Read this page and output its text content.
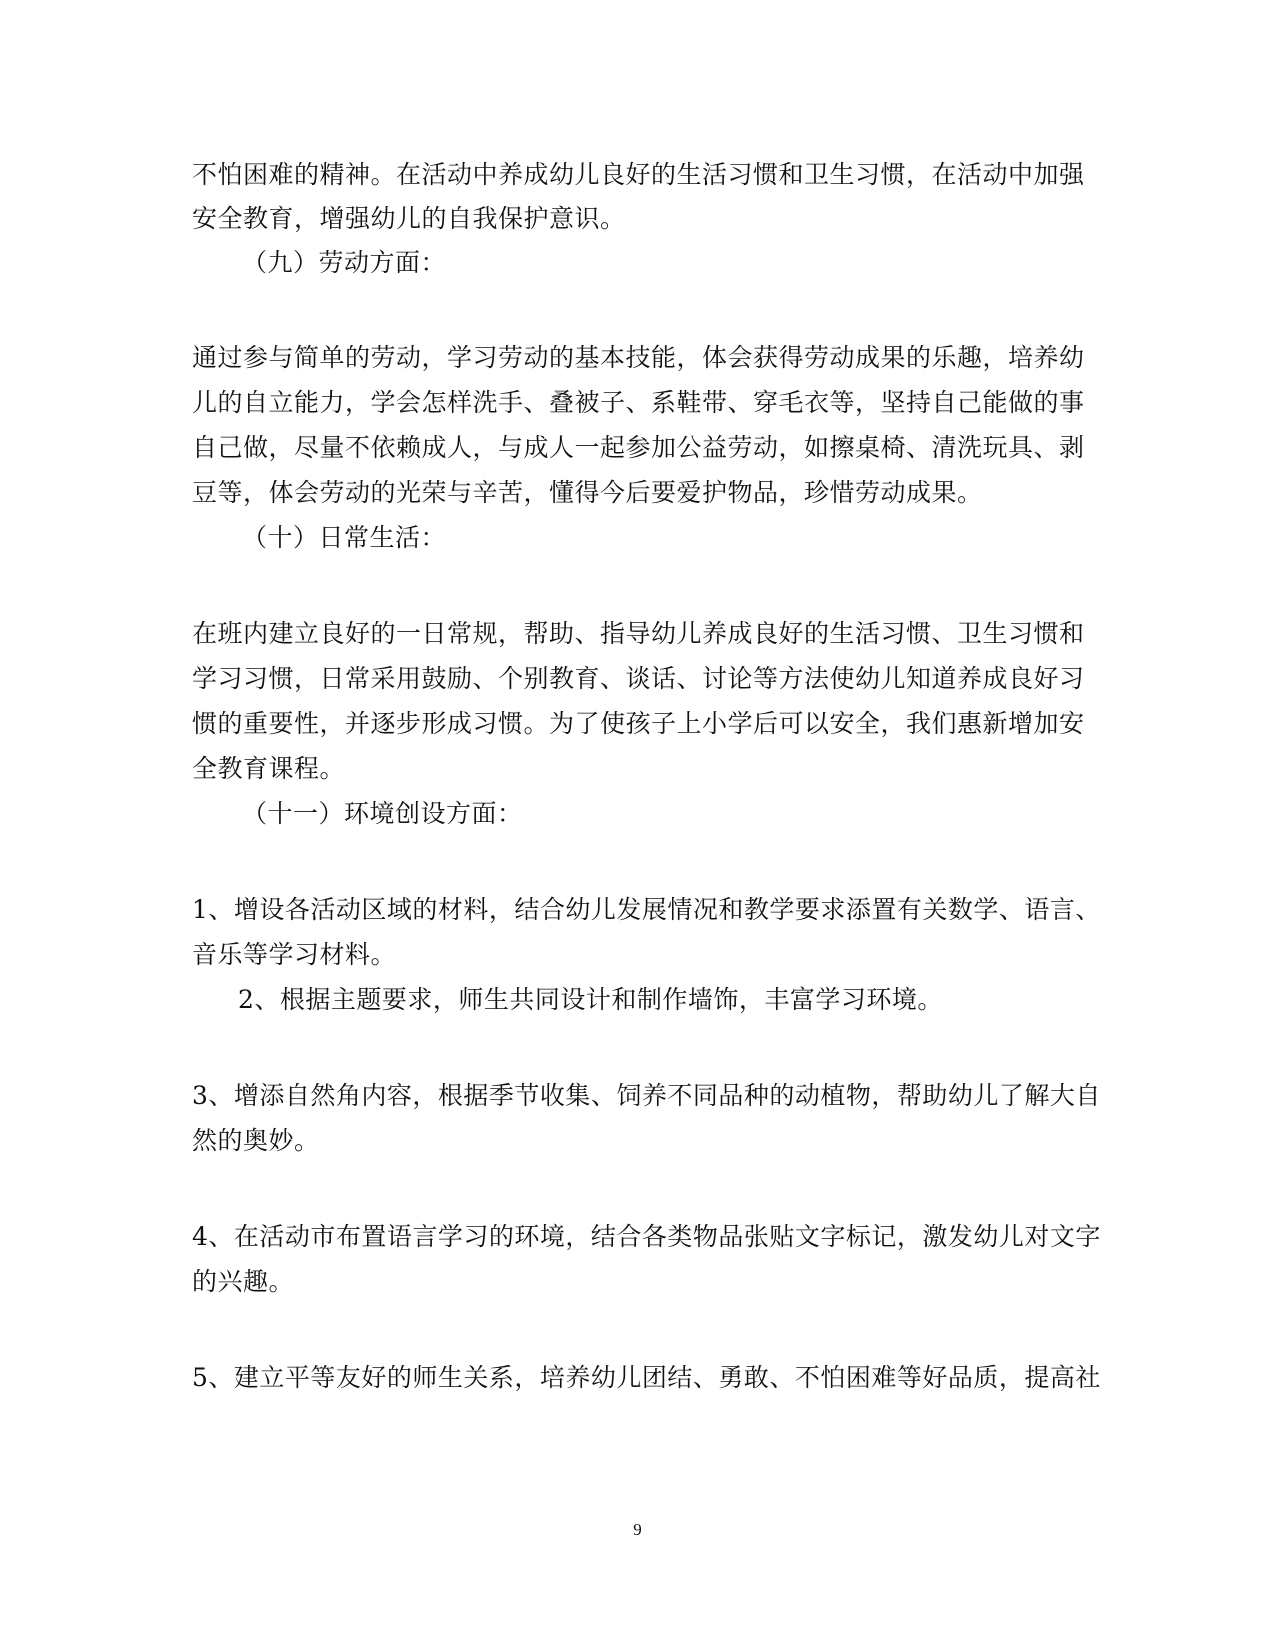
不怕困难的精神。在活动中养成幼儿良好的生活习惯和卫生习惯，在活动中加强
安全教育，增强幼儿的自我保护意识。
（九）劳动方面：
通过参与简单的劳动，学习劳动的基本技能，体会获得劳动成果的乐趣，培养幼
儿的自立能力，学会怎样洗手、叠被子、系鞋带、穿毛衣等，坚持自己能做的事
自己做，尽量不依赖成人，与成人一起参加公益劳动，如擦桌椅、清洗玩具、剥
豆等，体会劳动的光荣与辛苦，懂得今后要爱护物品，珍惜劳动成果。
（十）日常生活：
在班内建立良好的一日常规，帮助、指导幼儿养成良好的生活习惯、卫生习惯和
学习习惯，日常采用鼓励、个别教育、谈话、讨论等方法使幼儿知道养成良好习
惯的重要性，并逐步形成习惯。为了使孩子上小学后可以安全，我们惠新增加安
全教育课程。
（十一）环境创设方面：
1、增设各活动区域的材料，结合幼儿发展情况和教学要求添置有关数学、语言、
音乐等学习材料。
2、根据主题要求，师生共同设计和制作墙饰，丰富学习环境。
3、增添自然角内容，根据季节收集、饲养不同品种的动植物，帮助幼儿了解大自
然的奥妙。
4、在活动市布置语言学习的环境，结合各类物品张贴文字标记，激发幼儿对文字
的兴趣。
5、建立平等友好的师生关系，培养幼儿团结、勇敢、不怕困难等好品质，提高社
9
